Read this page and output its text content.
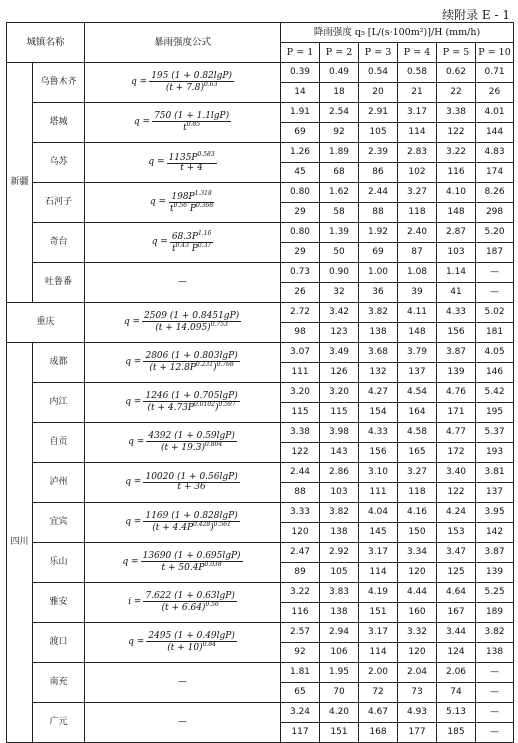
续附录 E - 1
城镇名称		暴雨强度公式	降雨强度 q₅ [L/(s·100m²)]/H (mm/h)					
			P = 1	P = 2	P = 3	P = 4	P = 5	P = 10
新疆	乌鲁木齐	$q = \frac{195 (1 + 0.82\lg P)}{(t + 7.8)^{0.63}}$	0.39	0.49	0.54	0.58	0.62	0.71
			14	18	20	21	22	26
	塔城	$q = \frac{750 (1 + 1.1\lg P)}{t^{0.85}}$	1.91	2.54	2.91	3.17	3.38	4.01
			69	92	105	114	122	144
	乌苏	$q = \frac{1135P^{0.583}}{t + 4}$	1.26	1.89	2.39	2.83	3.22	4.83
			45	68	86	102	116	174
	石河子	$q = \frac{198P^{1.318}}{t^{0.56} P^{0.368}}$	0.80	1.62	2.44	3.27	4.10	8.26
			29	58	88	118	148	298
	奇台	$q = \frac{68.3P^{1.16}}{t^{0.43} P^{0.37}}$	0.80	1.39	1.92	2.40	2.87	5.20
			29	50	69	87	103	187
	吐鲁番	—	0.73	0.90	1.00	1.08	1.14	—
			26	32	36	39	41	—
重庆		$q = \frac{2509 (1 + 0.8451gP)}{(t + 14.095)^{0.753}}$	2.72	3.42	3.82	4.11	4.33	5.02
			98	123	138	148	156	181
四川	成都	$q = \frac{2806 (1 + 0.803\lg P)}{(t + 12.8P^{0.231})^{0.768}}$	3.07	3.49	3.68	3.79	3.87	4.05
			111	126	132	137	139	146
	内江	$q = \frac{1246 (1 + 0.705\lg P)}{(t + 4.73P^{0.0102})^{0.597}}$	3.20	3.20	4.27	4.54	4.76	5.42
			115	115	154	164	171	195
	自贡	$q = \frac{4392 (1 + 0.59\lg P)}{(t + 19.3)^{0.804}}$	3.38	3.98	4.33	4.58	4.77	5.37
			122	143	156	165	172	193
	泸州	$q = \frac{10020 (1 + 0.56\lg P)}{t + 36}$	2.44	2.86	3.10	3.27	3.40	3.81
			88	103	111	118	122	137
	宜宾	$q = \frac{1169 (1 + 0.828\lg P)}{(t + 4.4P^{0.428})^{0.561}}$	3.33	3.82	4.04	4.16	4.24	3.95
			120	138	145	150	153	142
	乐山	$q = \frac{13690 (1 + 0.695\lg P)}{t + 50.4P^{0.038}}$	2.47	2.92	3.17	3.34	3.47	3.87
			89	105	114	120	125	139
	雅安	$i = \frac{7.622 (1 + 0.63\lg P)}{(t + 6.64)^{0.56}}$	3.22	3.83	4.19	4.44	4.64	5.25
			116	138	151	160	167	189
	渡口	$q = \frac{2495 (1 + 0.49\lg P)}{(t + 10)^{0.84}}$	2.57	2.94	3.17	3.32	3.44	3.82
			92	106	114	120	124	138
	南充	—	1.81	1.95	2.00	2.04	2.06	—
			65	70	72	73	74	—
	广元	—	3.24	4.20	4.67	4.93	5.13	—
			117	151	168	177	185	—
